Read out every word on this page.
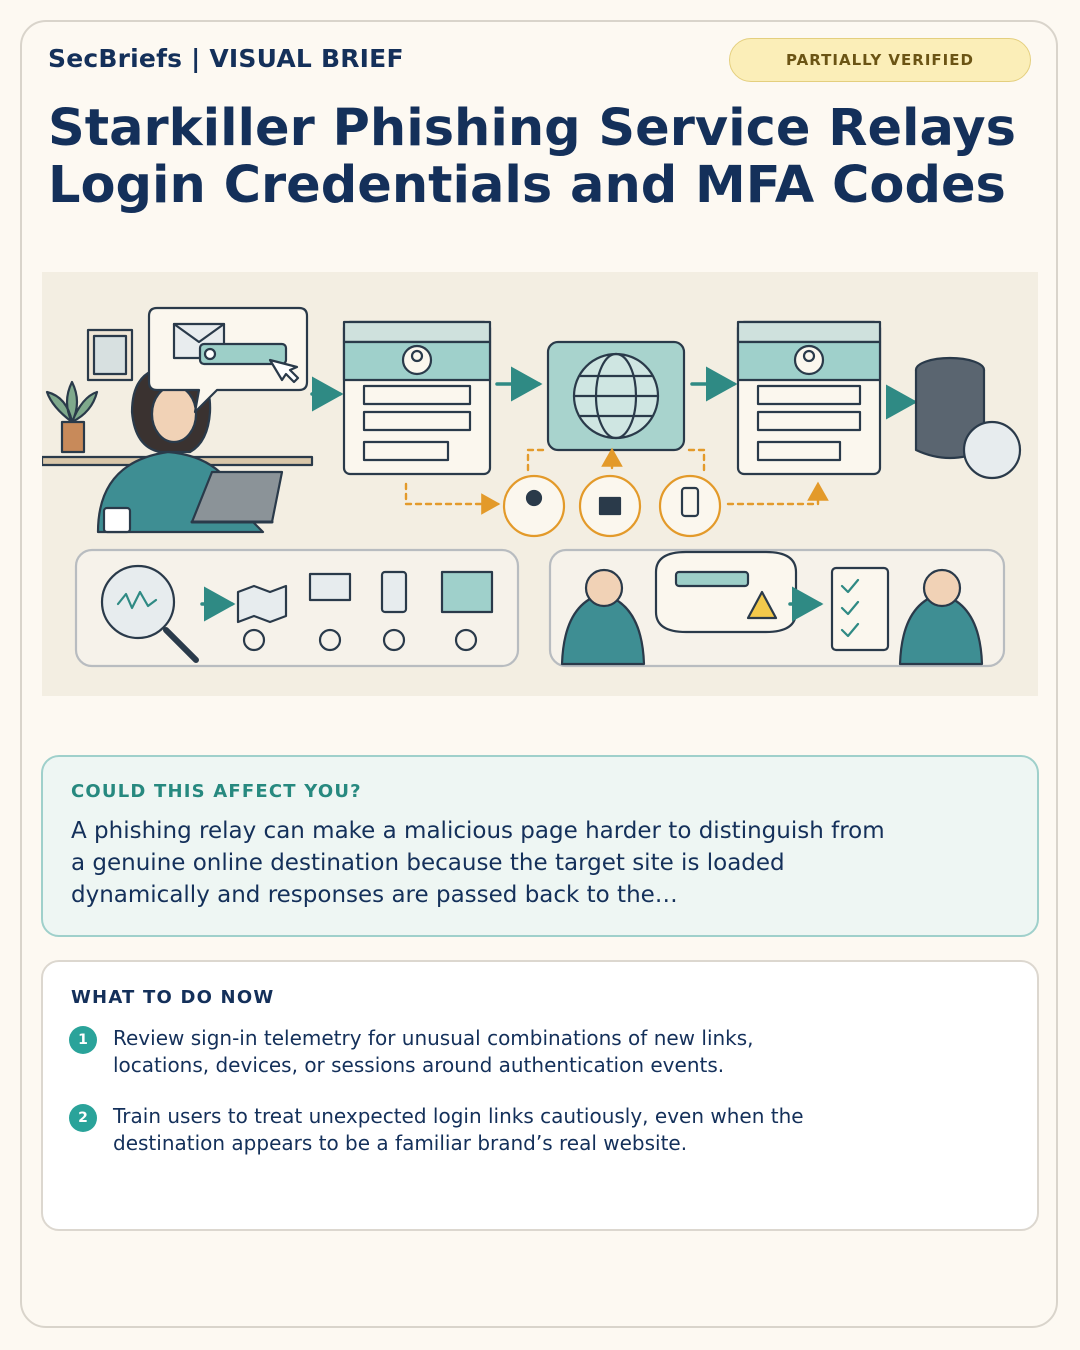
SecBriefs | VISUAL BRIEF	PARTIALLY VERIFIED
Starkiller Phishing Service Relays Login Credentials and MFA Codes
COULD THIS AFFECT YOU?

A phishing relay can make a malicious page harder to distinguish from a genuine online destination because the target site is loaded dynamically and responses are passed back to the…

WHAT TO DO NOW
1	Review sign-in telemetry for unusual combinations of new links, locations, devices, or sessions around authentication events.

2	Train users to treat unexpected login links cautiously, even when the destination appears to be a familiar brand’s real website.
